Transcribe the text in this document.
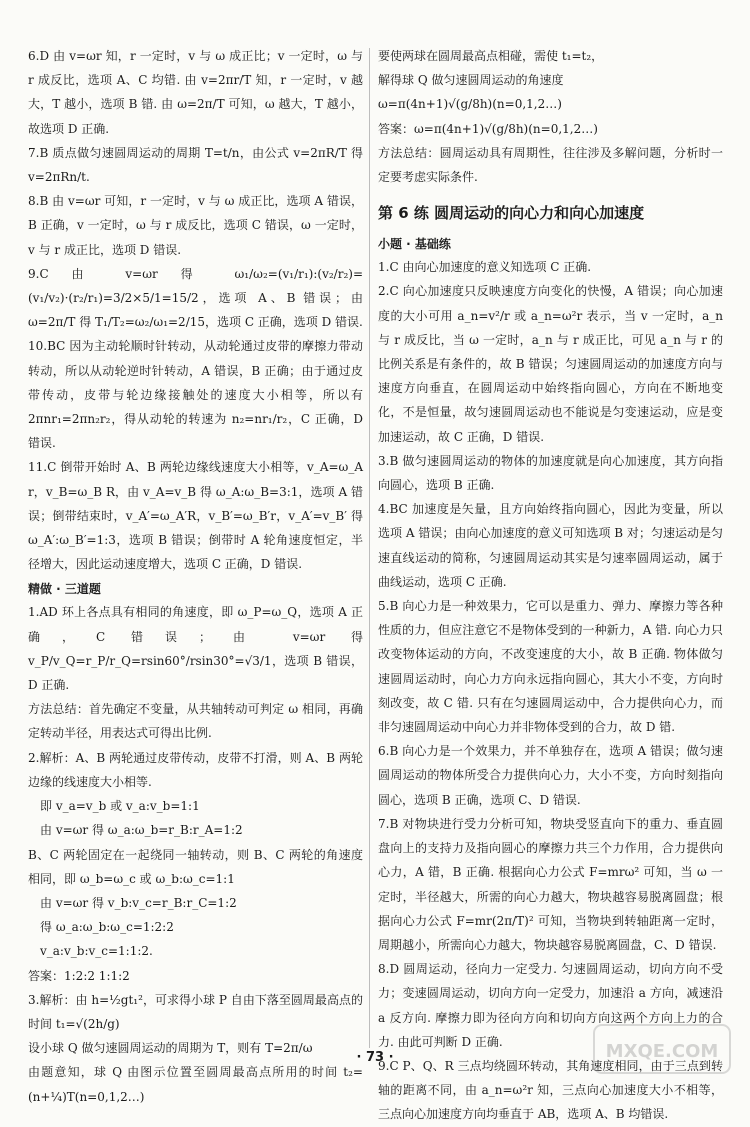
6.D 由 v=ωr 知，r 一定时，v 与 ω 成正比；v 一定时，ω 与 r 成反比，选项 A、C 均错. 由 v=2πr/T 知，r 一定时，v 越大，T 越小，选项 B 错. 由 ω=2π/T 可知，ω 越大，T 越小，故选项 D 正确.

7.B 质点做匀速圆周运动的周期 T=t/n，由公式 v=2πR/T 得 v=2πRn/t.

8.B 由 v=ωr 可知，r 一定时，v 与 ω 成正比，选项 A 错误，B 正确，v 一定时，ω 与 r 成反比，选项 C 错误，ω 一定时，v 与 r 成正比，选项 D 错误.

9.C 由 v=ωr 得 ω₁/ω₂=(v₁/r₁):(v₂/r₂)=(v₁/v₂)·(r₂/r₁)=3/2×5/1=15/2，选项 A、B 错误；由 ω=2π/T 得 T₁/T₂=ω₂/ω₁=2/15，选项 C 正确，选项 D 错误.

10.BC 因为主动轮顺时针转动，从动轮通过皮带的摩擦力带动转动，所以从动轮逆时针转动，A 错误，B 正确；由于通过皮带传动，皮带与轮边缘接触处的速度大小相等，所以有 2πnr₁=2πn₂r₂，得从动轮的转速为 n₂=nr₁/r₂，C 正确，D 错误.

11.C 倒带开始时 A、B 两轮边缘线速度大小相等，v_A=ω_A r，v_B=ω_B R，由 v_A=v_B 得 ω_A:ω_B=3:1，选项 A 错误；倒带结束时，v_A′=ω_A′R，v_B′=ω_B′r，v_A′=v_B′ 得 ω_A′:ω_B′=1:3，选项 B 错误；倒带时 A 轮角速度恒定，半径增大，因此运动速度增大，选项 C 正确，D 错误.

精做 · 三道题

1.AD 环上各点具有相同的角速度，即 ω_P=ω_Q，选项 A 正确，C 错误；由 v=ωr 得 v_P/v_Q=r_P/r_Q=rsin60°/rsin30°=√3/1，选项 B 错误，D 正确.

方法总结：首先确定不变量，从共轴转动可判定 ω 相同，再确定转动半径，用表达式可得出比例.

2.解析：A、B 两轮通过皮带传动，皮带不打滑，则 A、B 两轮边缘的线速度大小相等.

即 v_a=v_b 或 v_a:v_b=1:1

由 v=ωr 得 ω_a:ω_b=r_B:r_A=1:2

B、C 两轮固定在一起绕同一轴转动，则 B、C 两轮的角速度相同，即 ω_b=ω_c 或 ω_b:ω_c=1:1

由 v=ωr 得 v_b:v_c=r_B:r_C=1:2

得 ω_a:ω_b:ω_c=1:2:2

v_a:v_b:v_c=1:1:2.

答案：1:2:2 1:1:2

3.解析：由 h=½gt₁²，可求得小球 P 自由下落至圆周最高点的时间 t₁=√(2h/g)

设小球 Q 做匀速圆周运动的周期为 T，则有 T=2π/ω

由题意知，球 Q 由图示位置至圆周最高点所用的时间 t₂=(n+¼)T(n=0,1,2…)

要使两球在圆周最高点相碰，需使 t₁=t₂，

解得球 Q 做匀速圆周运动的角速度

ω=π(4n+1)√(g/8h)(n=0,1,2…)

答案：ω=π(4n+1)√(g/8h)(n=0,1,2…)

方法总结：圆周运动具有周期性，往往涉及多解问题，分析时一定要考虑实际条件.

第 6 练 圆周运动的向心力和向心加速度

小题 · 基础练

1.C 由向心加速度的意义知选项 C 正确.

2.C 向心加速度只反映速度方向变化的快慢，A 错误；向心加速度的大小可用 a_n=v²/r 或 a_n=ω²r 表示，当 v 一定时，a_n 与 r 成反比，当 ω 一定时，a_n 与 r 成正比，可见 a_n 与 r 的比例关系是有条件的，故 B 错误；匀速圆周运动的加速度方向与速度方向垂直，在圆周运动中始终指向圆心，方向在不断地变化，不是恒量，故匀速圆周运动也不能说是匀变速运动，应是变加速运动，故 C 正确，D 错误.

3.B 做匀速圆周运动的物体的加速度就是向心加速度，其方向指向圆心，选项 B 正确.

4.BC 加速度是矢量，且方向始终指向圆心，因此为变量，所以选项 A 错误；由向心加速度的意义可知选项 B 对；匀速运动是匀速直线运动的简称，匀速圆周运动其实是匀速率圆周运动，属于曲线运动，选项 C 正确.

5.B 向心力是一种效果力，它可以是重力、弹力、摩擦力等各种性质的力，但应注意它不是物体受到的一种新力，A 错. 向心力只改变物体运动的方向，不改变速度的大小，故 B 正确. 物体做匀速圆周运动时，向心力方向永远指向圆心，其大小不变，方向时刻改变，故 C 错. 只有在匀速圆周运动中，合力提供向心力，而非匀速圆周运动中向心力并非物体受到的合力，故 D 错.

6.B 向心力是一个效果力，并不单独存在，选项 A 错误；做匀速圆周运动的物体所受合力提供向心力，大小不变，方向时刻指向圆心，选项 B 正确，选项 C、D 错误.

7.B 对物块进行受力分析可知，物块受竖直向下的重力、垂直圆盘向上的支持力及指向圆心的摩擦力共三个力作用，合力提供向心力，A 错，B 正确. 根据向心力公式 F=mrω² 可知，当 ω 一定时，半径越大，所需的向心力越大，物块越容易脱离圆盘；根据向心力公式 F=mr(2π/T)² 可知，当物块到转轴距离一定时，周期越小，所需向心力越大，物块越容易脱离圆盘，C、D 错误.

8.D 圆周运动，径向力一定受力. 匀速圆周运动，切向方向不受力；变速圆周运动，切向方向一定受力，加速沿 a 方向，减速沿 a 反方向. 摩擦力即为径向方向和切向方向这两个方向上力的合力. 由此可判断 D 正确.

9.C P、Q、R 三点均绕圆环转动，其角速度相同，由于三点到转轴的距离不同，由 a_n=ω²r 知，三点向心加速度大小不相等，三点向心加速度方向均垂直于 AB，选项 A、B 均错误.

· 73 ·	MXQE.COM
